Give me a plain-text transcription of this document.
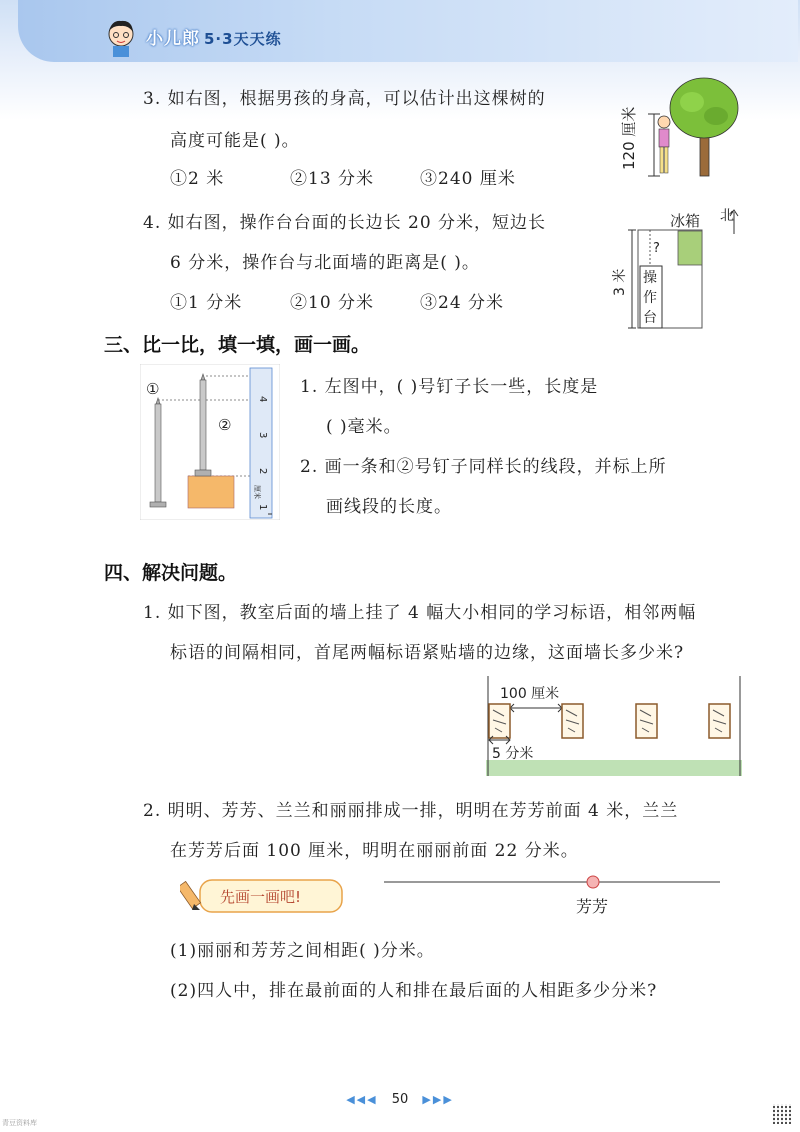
小儿郎 5·3天天练
3. 如右图，根据男孩的身高，可以估计出这棵树的
高度可能是( )。
①2 米	②13 分米	③240 厘米
120 厘米
4. 如右图，操作台台面的长边长 20 分米，短边长
6 分米，操作台与北面墙的距离是( )。
①1 分米	②10 分米	③24 分米
冰箱 北
操
作
台
?
3 米
三、比一比，填一填，画一画。
①
②
4
3
2
1
厘米
1. 左图中，( )号钉子长一些，长度是
( )毫米。
2. 画一条和②号钉子同样长的线段，并标上所
画线段的长度。
四、解决问题。
1. 如下图，教室后面的墙上挂了 4 幅大小相同的学习标语，相邻两幅
标语的间隔相同，首尾两幅标语紧贴墙的边缘，这面墙长多少米?
100 厘米
5 分米
2. 明明、芳芳、兰兰和丽丽排成一排，明明在芳芳前面 4 米，兰兰
在芳芳后面 100 厘米，明明在丽丽前面 22 分米。
先画一画吧!	芳芳
(1)丽丽和芳芳之间相距( )分米。
(2)四人中，排在最前面的人和排在最后面的人相距多少分米?
◀◀◀ 50 ▶▶▶
青豆资料库
